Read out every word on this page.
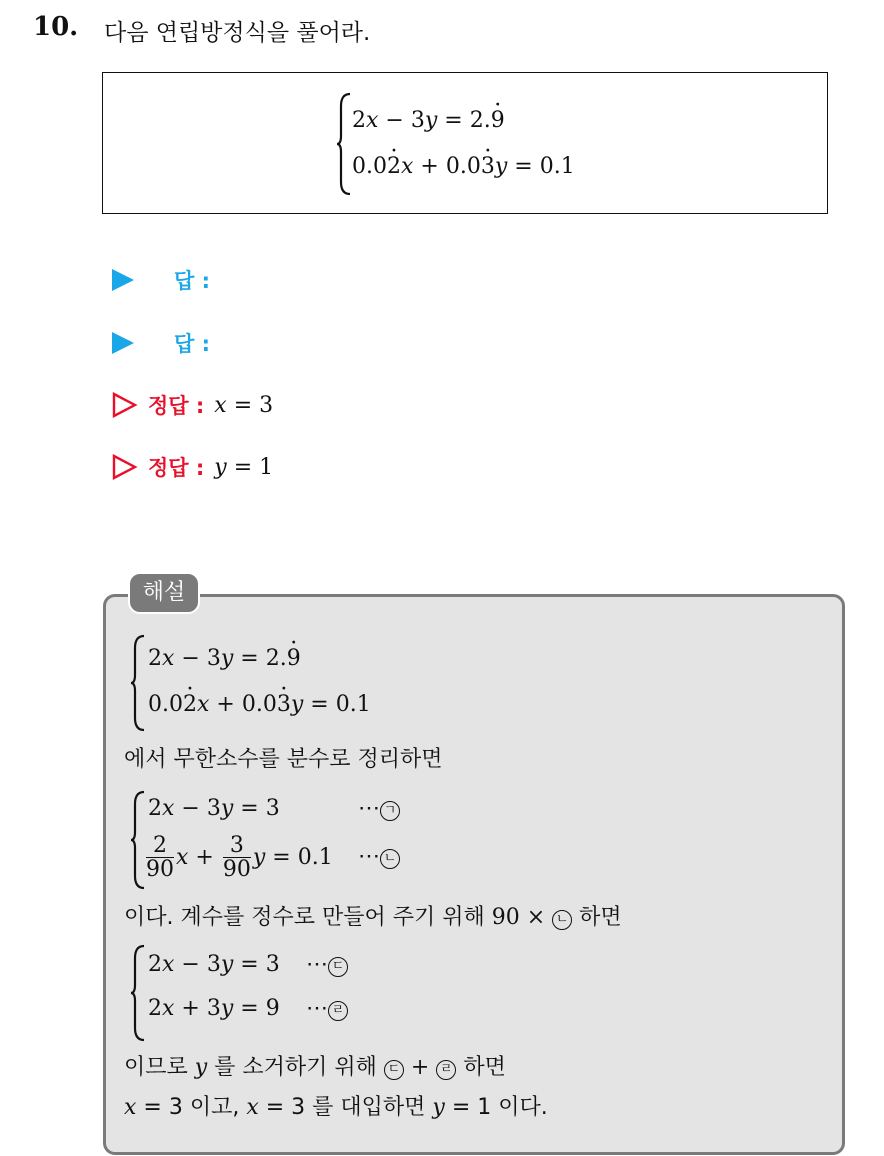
10. 다음 연립방정식을 풀어라.
2x − 3y = 2.· 9
0.0· 2x + 0.0· 3y = 0.1
답 :
답 :
정답 : x = 3
정답 : y = 1
해설
2x − 3y = 2.· 9
0.0· 2x + 0.0· 3y = 0.1
에서 무한소수를 분수로 정리하면
2x − 3y = 3	⋯ ㄱ
$\frac{2}{90}$ $x + \frac{3}{90}$ y = 0.1 ⋯ ㄴ
이다. 계수를 정수로 만들어 주기 위해 90 × ㄴ 하면
2x − 3y = 3 ⋯ ㄷ
2x + 3y = 9 ⋯ ㄹ
이므로 y 를 소거하기 위해 ㄷ + ㄹ 하면
x = 3 이고, x = 3 를 대입하면 y = 1 이다.
